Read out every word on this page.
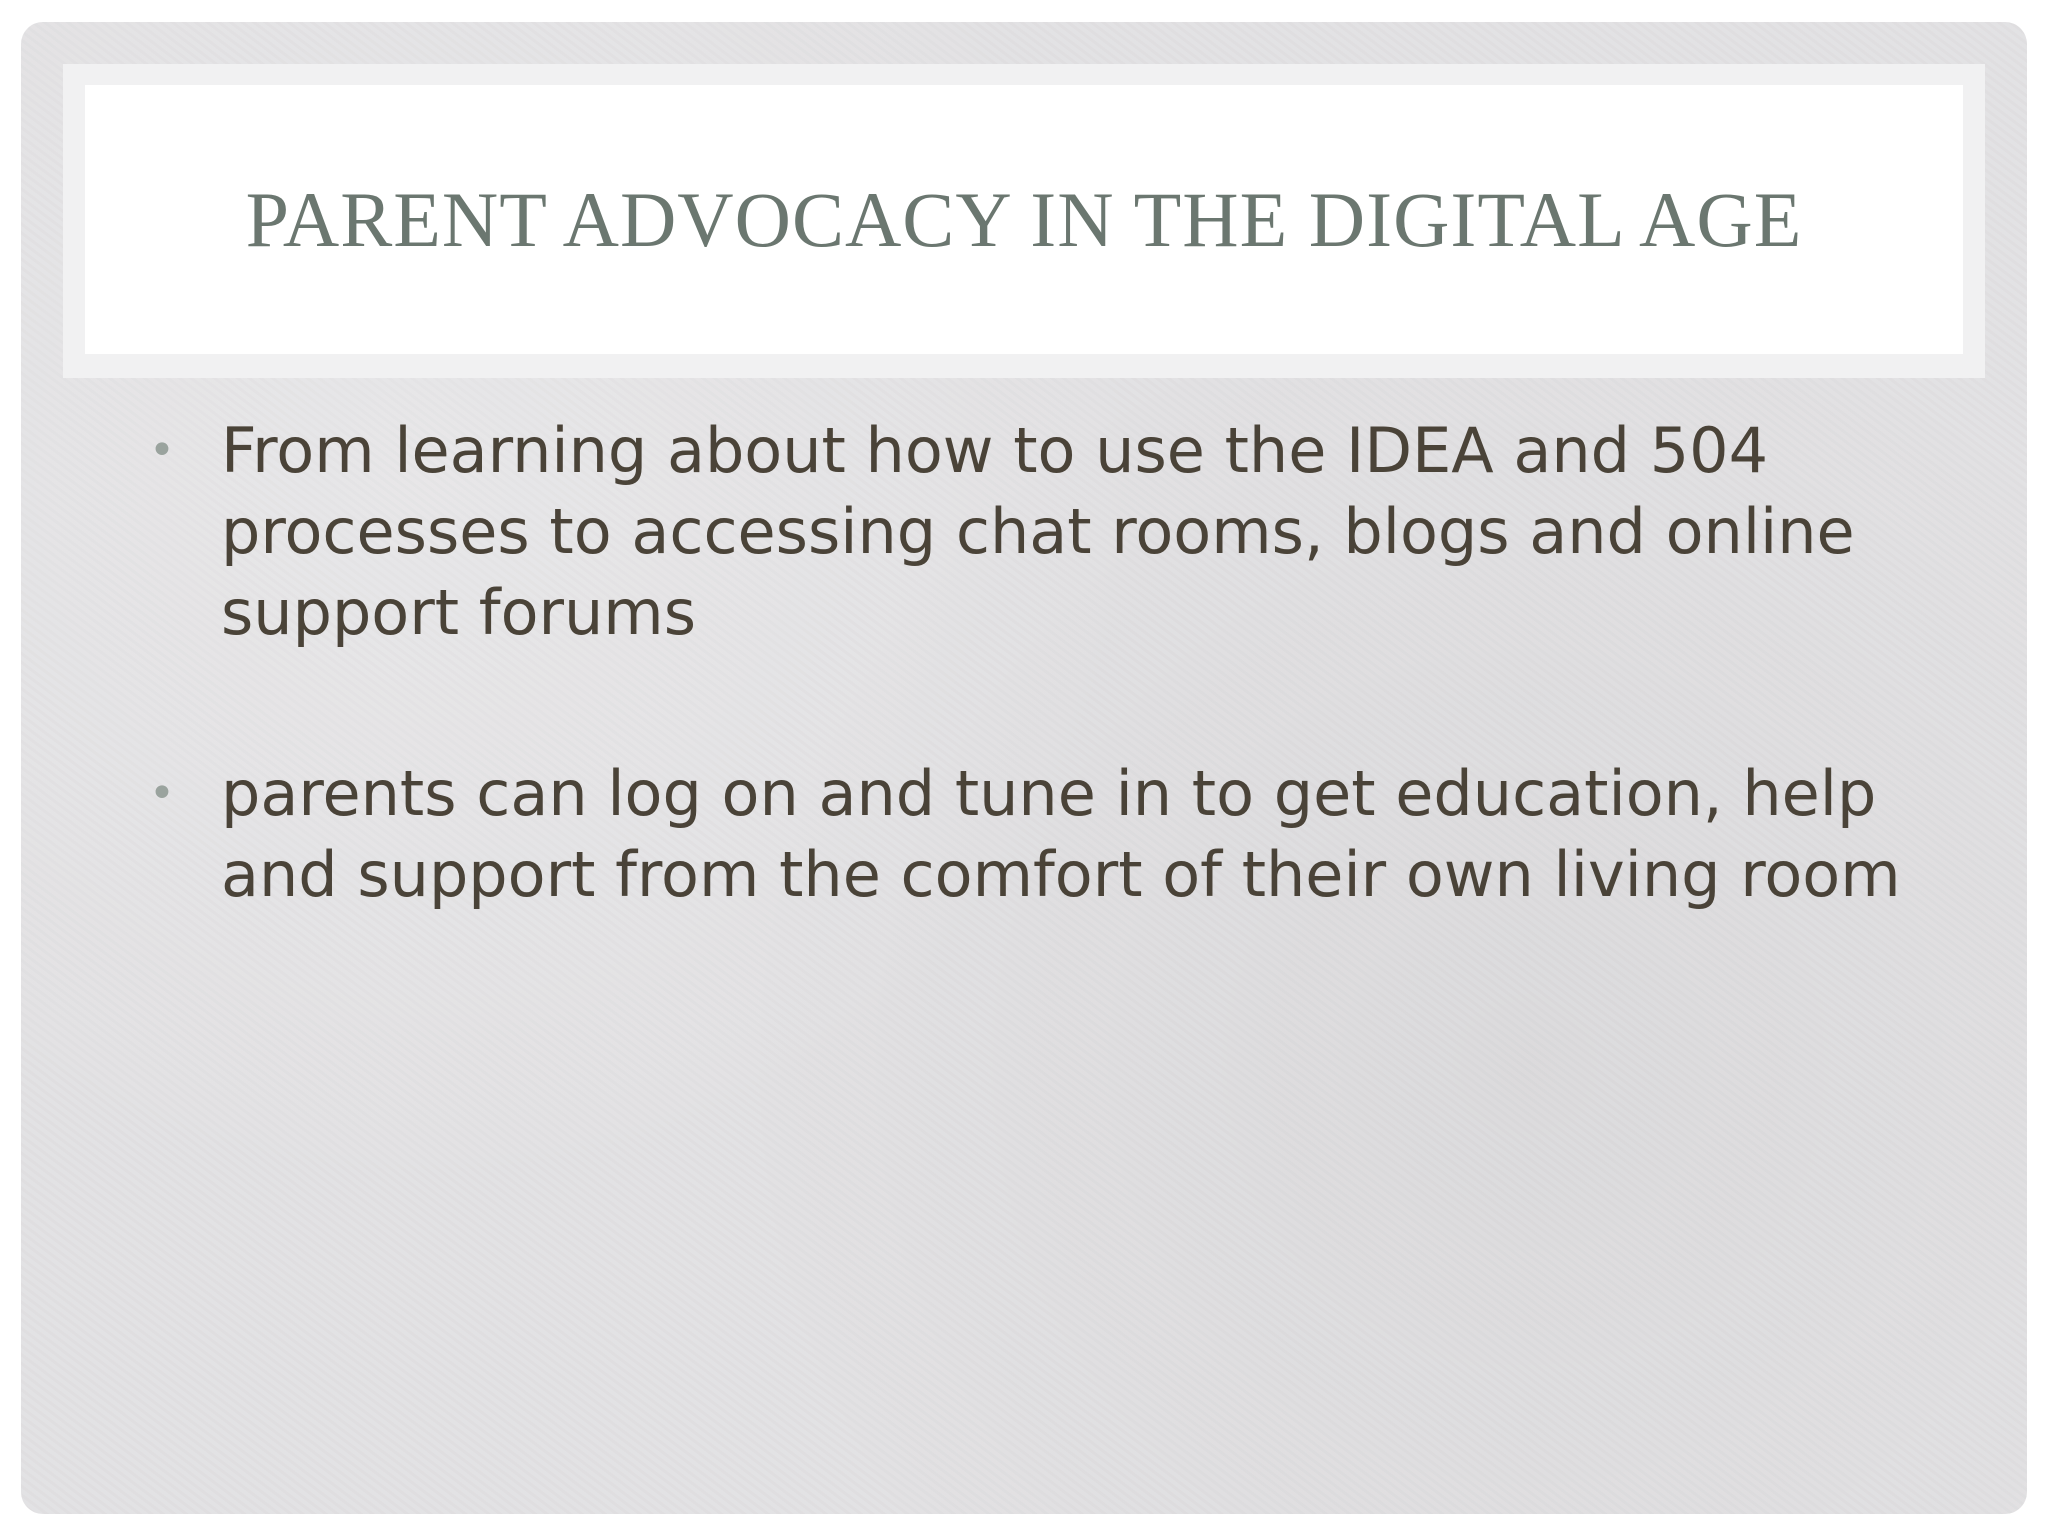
PARENT ADVOCACY IN THE DIGITAL AGE
• From learning about how to use the IDEA and 504 processes to accessing chat rooms, blogs and online support forums
• parents can log on and tune in to get education, help and support from the comfort of their own living room
